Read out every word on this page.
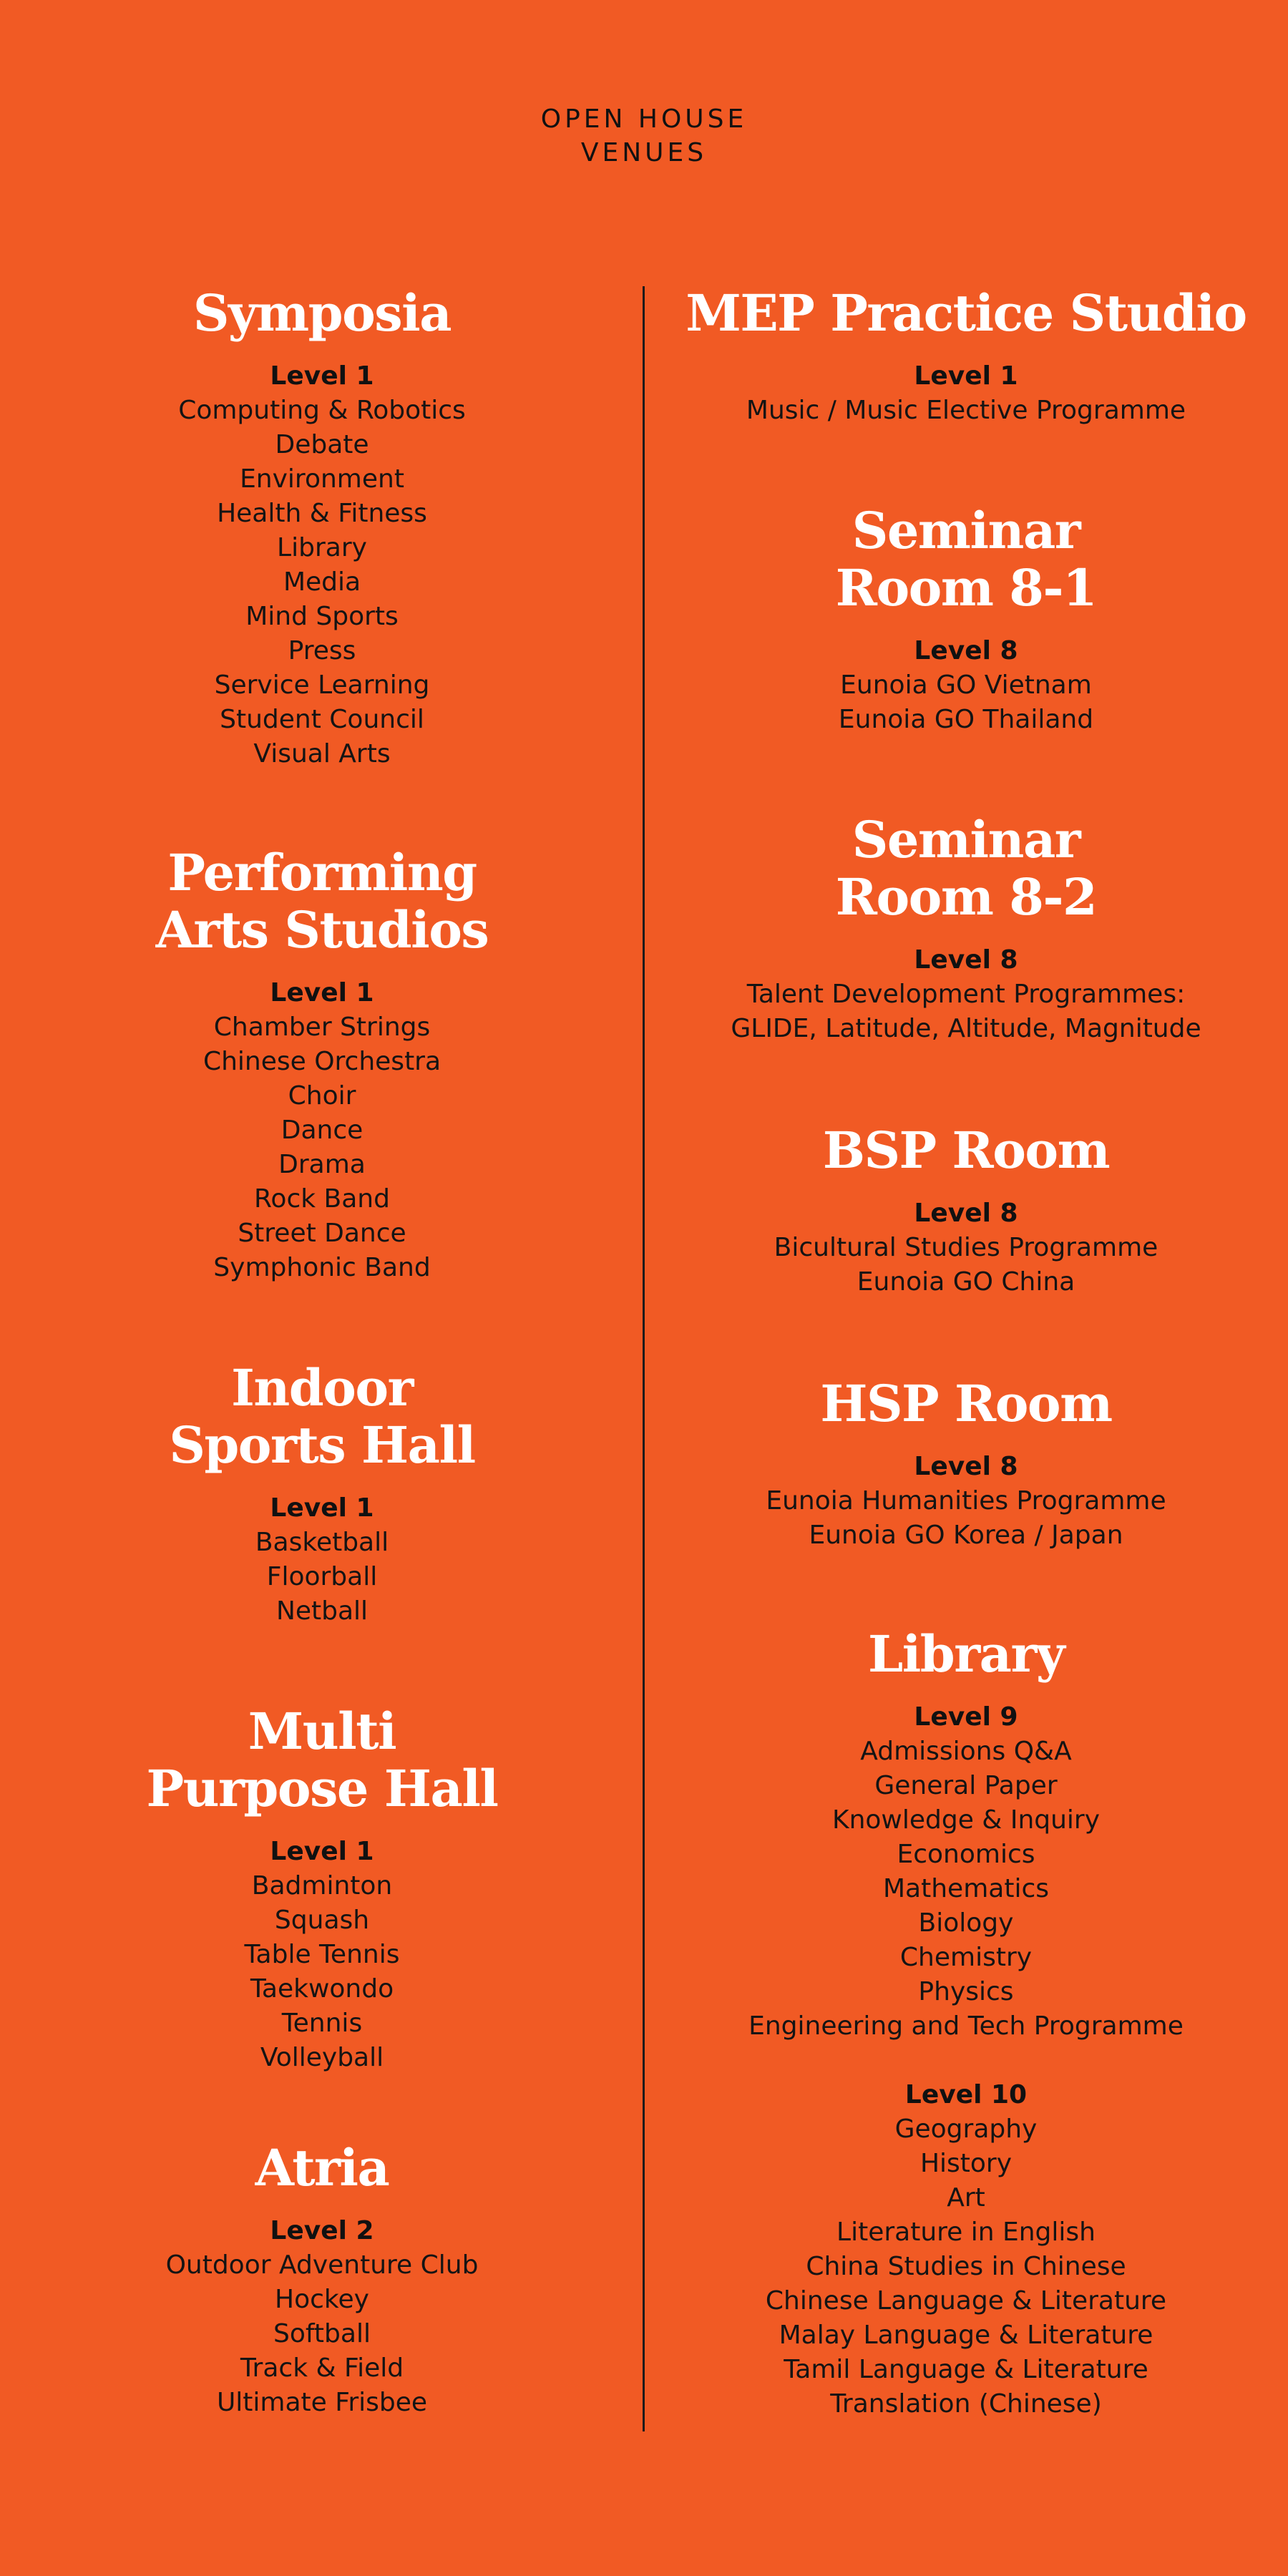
OPEN HOUSE
VENUES
Symposia
Level 1
Computing & Robotics
Debate
Environment
Health & Fitness
Library
Media
Mind Sports
Press
Service Learning
Student Council
Visual Arts
Performing
Arts Studios
Level 1
Chamber Strings
Chinese Orchestra
Choir
Dance
Drama
Rock Band
Street Dance
Symphonic Band
Indoor
Sports Hall
Level 1
Basketball
Floorball
Netball
Multi
Purpose Hall
Level 1
Badminton
Squash
Table Tennis
Taekwondo
Tennis
Volleyball
Atria
Level 2
Outdoor Adventure Club
Hockey
Softball
Track & Field
Ultimate Frisbee
MEP Practice Studio
Level 1
Music / Music Elective Programme
Seminar
Room 8-1
Level 8
Eunoia GO Vietnam
Eunoia GO Thailand
Seminar
Room 8-2
Level 8
Talent Development Programmes:
GLIDE, Latitude, Altitude, Magnitude
BSP Room
Level 8
Bicultural Studies Programme
Eunoia GO China
HSP Room
Level 8
Eunoia Humanities Programme
Eunoia GO Korea / Japan
Library
Level 9
Admissions Q&A
General Paper
Knowledge & Inquiry
Economics
Mathematics
Biology
Chemistry
Physics
Engineering and Tech Programme
Level 10
Geography
History
Art
Literature in English
China Studies in Chinese
Chinese Language & Literature
Malay Language & Literature
Tamil Language & Literature
Translation (Chinese)
